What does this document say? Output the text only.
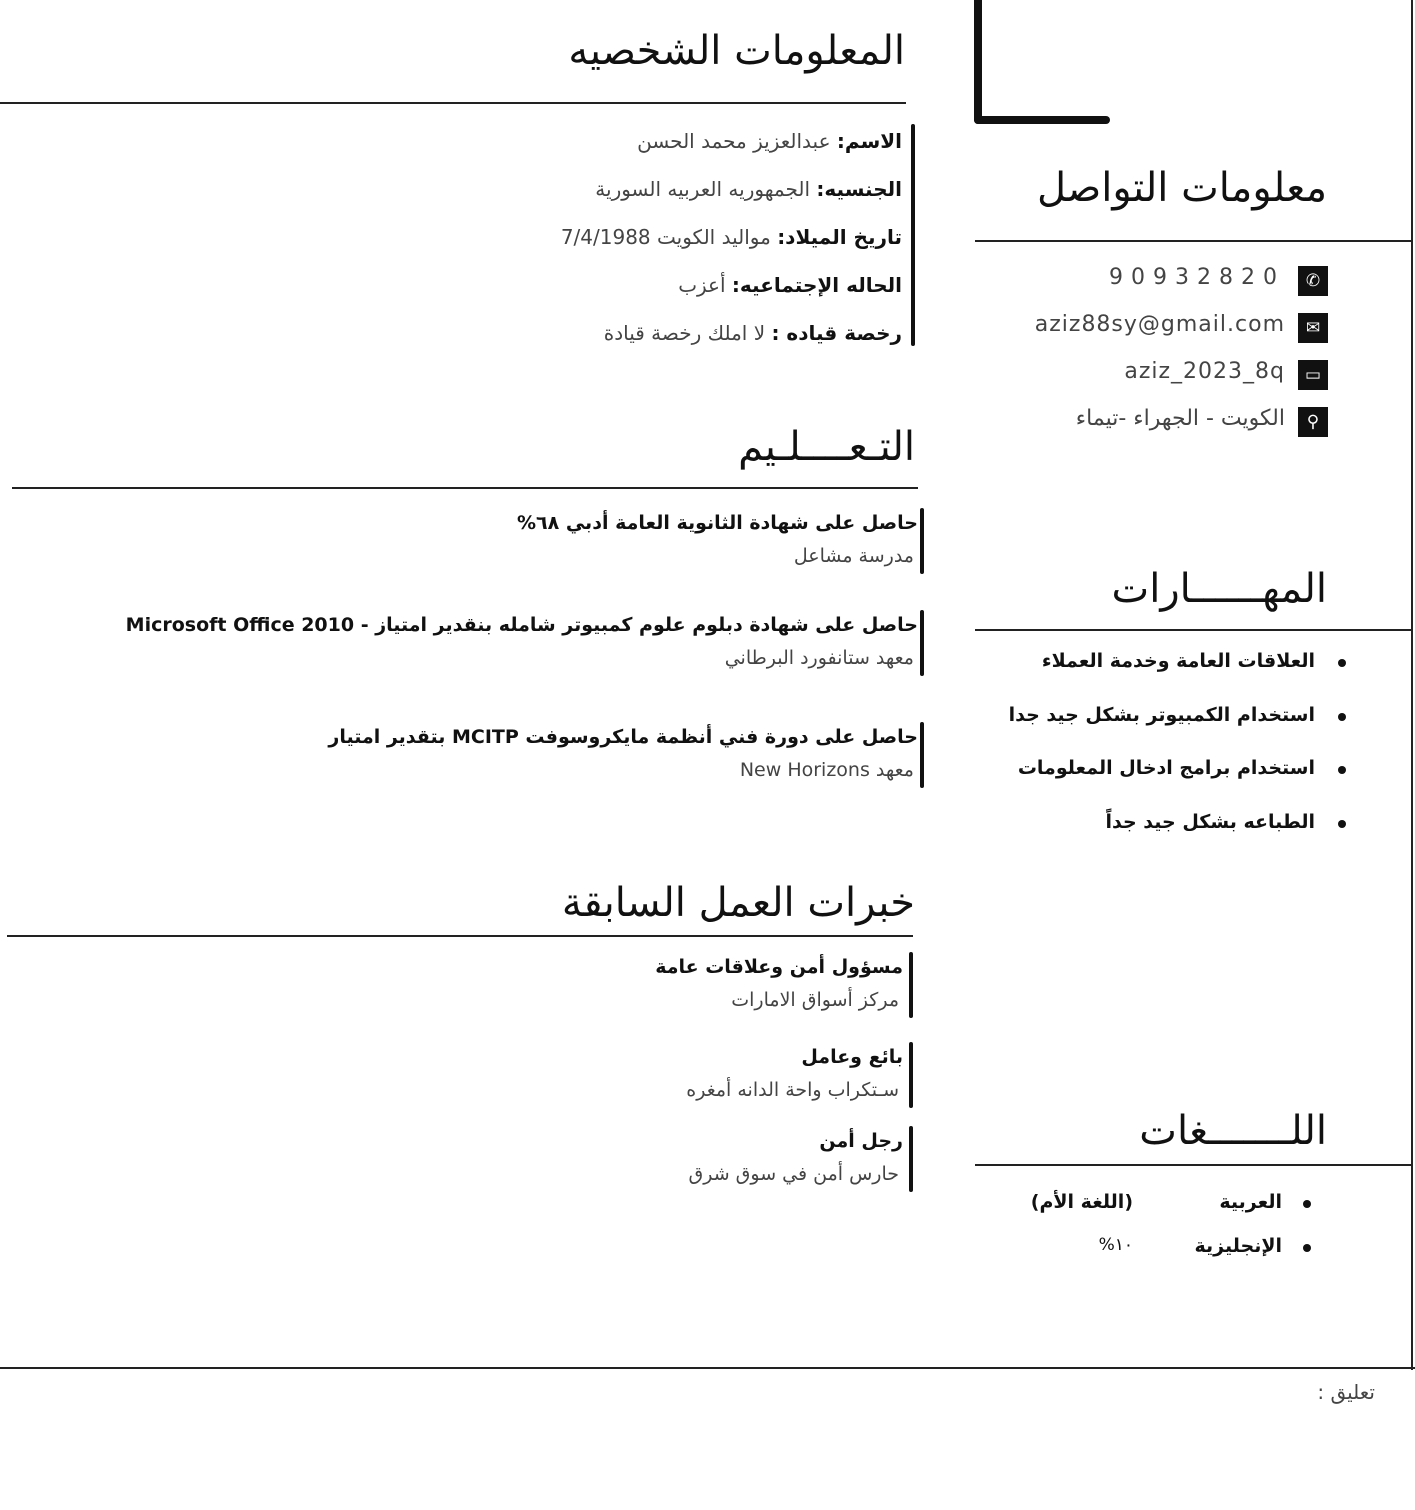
المعلومات الشخصيه
الاسم: عبدالعزيز محمد الحسن
الجنسيه: الجمهوريه العربيه السورية
تاريخ الميلاد: مواليد الكويت 7/4/1988
الحاله الإجتماعيه: أعزب
رخصة قياده : لا املك رخصة قيادة
التـعــــلـيم
حاصل على شهادة الثانوية العامة أدبي ٦٨%
مدرسة مشاعل
حاصل على شهادة دبلوم علوم كمبيوتر شامله بنقدير امتياز - Microsoft Office 2010
معهد ستانفورد البرطاني
حاصل على دورة فني أنظمة مايكروسوفت MCITP بتقدير امتيار
معهد New Horizons
خبرات العمل السابقة
مسؤول أمن وعلاقات عامة
مركز أسواق الامارات
بائع وعامل
سـتكراب واحة الدانه أمغره
رجل أمن
حارس أمن في سوق شرق
معلومات التواصل
✆
90932820
✉
aziz88sy@gmail.com
▭
aziz_2023_8q
⚲
الكويت - الجهراء -تيماء
المهــــــارات
العلاقات العامة وخدمة العملاء
استخدام الكمبيوتر بشكل جيد جدا
استخدام برامج ادخال المعلومات
الطباعه بشكل جيد جداً
اللـــــــغات
العربية
(اللغة الأم)
الإنجليزية
١٠%
تعليق :
